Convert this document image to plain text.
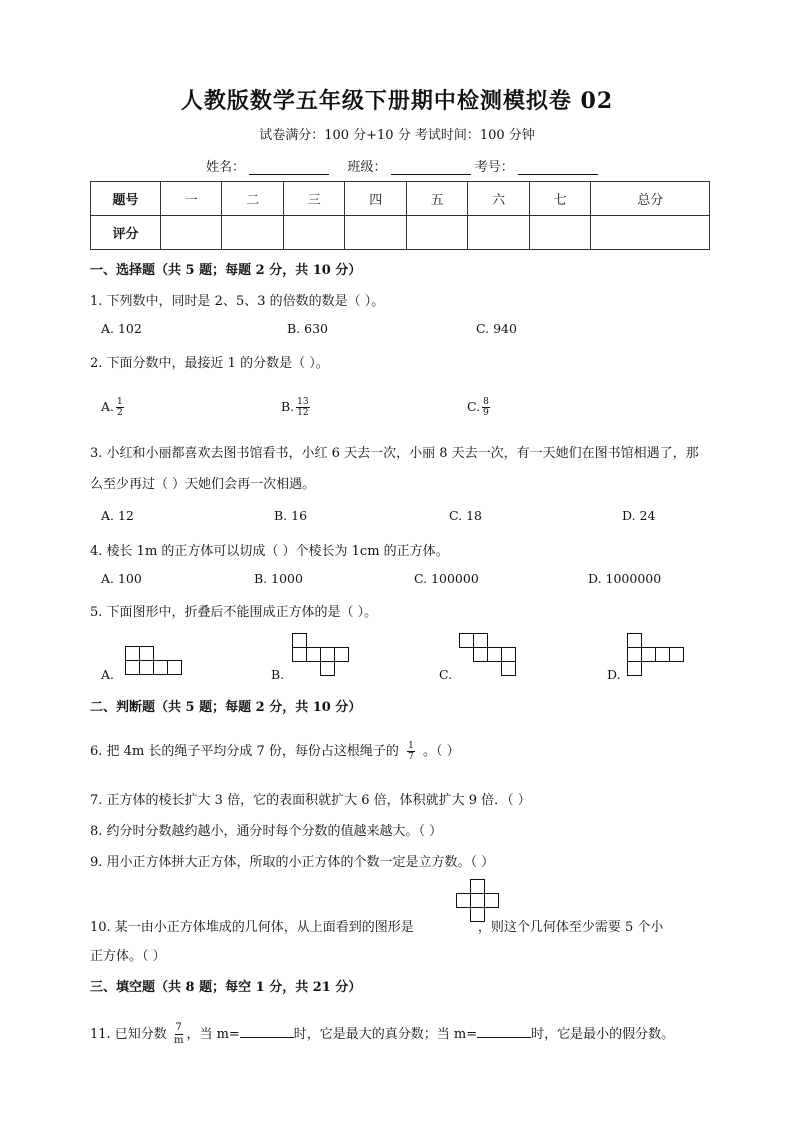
人教版数学五年级下册期中检测模拟卷 02
试卷满分：100 分+10 分 考试时间：100 分钟
姓名：	班级：	考号：
题号	一	二	三	四	五	六	七	总分
评分								
一、选择题（共 5 题；每题 2 分，共 10 分）
1. 下列数中，同时是 2、5、3 的倍数的数是（ ）。
A. 102	B. 630	C. 940
2. 下面分数中，最接近 1 的分数是（ ）。
A. $\frac{1}{2}$	B. $\frac{13}{12}$	C. $\frac{8}{9}$
3. 小红和小丽都喜欢去图书馆看书，小红 6 天去一次，小丽 8 天去一次，有一天她们在图书馆相遇了，那么至少再过（ ）天她们会再一次相遇。
A. 12	B. 16	C. 18	D. 24
4. 棱长 1m 的正方体可以切成（ ）个棱长为 1cm 的正方体。
A. 100	B. 1000	C. 100000	D. 1000000
5. 下面图形中，折叠后不能围成正方体的是（ ）。
A.	B.	C.	D.
二、判断题（共 5 题；每题 2 分，共 10 分）
6. 把 4m 长的绳子平均分成 7 份，每份占这根绳子的 $\frac{1}{7}$ 。（ ）
7. 正方体的棱长扩大 3 倍，它的表面积就扩大 6 倍，体积就扩大 9 倍．（ ）
8. 约分时分数越约越小，通分时每个分数的值越来越大。（ ）
9. 用小正方体拼大正方体，所取的小正方体的个数一定是立方数。（ ）
10. 某一由小正方体堆成的几何体，从上面看到的图形是	，则这个几何体至少需要 5 个小
正方体。（ ）
三、填空题（共 8 题；每空 1 分，共 21 分）
11. 已知分数 $\frac{7}{m}$ ，当 m=	时，它是最大的真分数；当 m=	时，它是最小的假分数。
